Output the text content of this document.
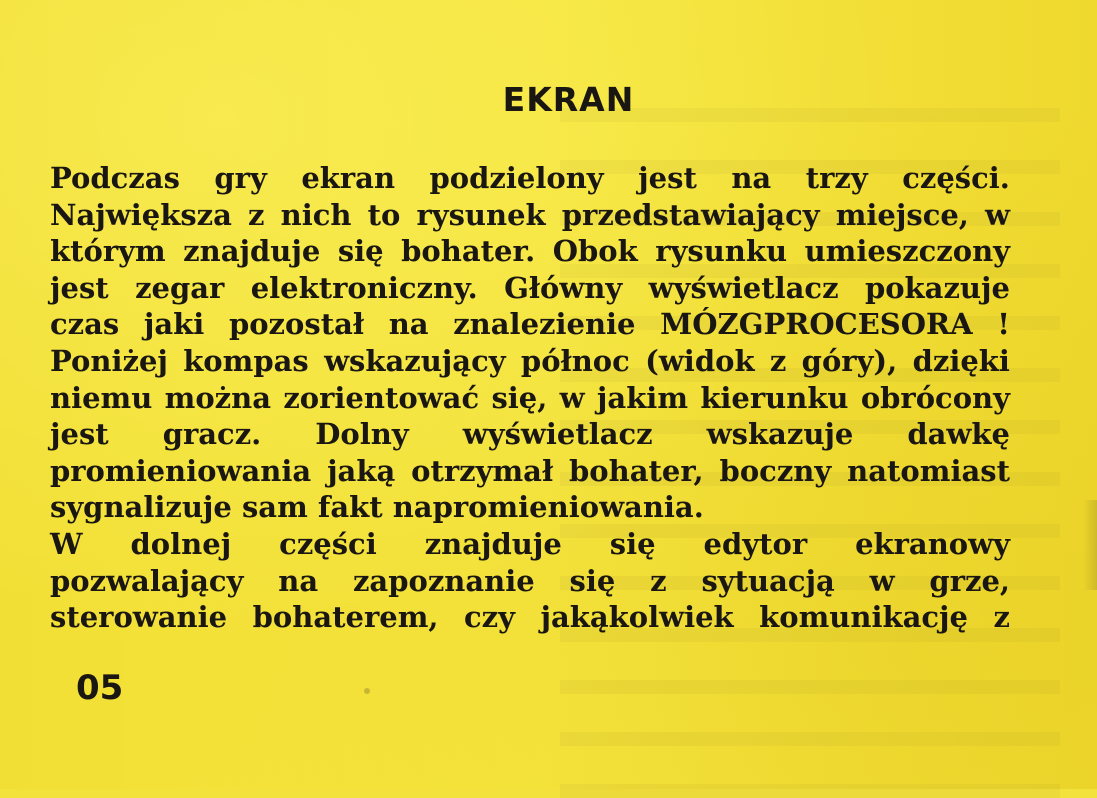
EKRAN
Podczas gry ekran podzielony jest na trzy części.
Największa z nich to rysunek przedstawiający miejsce, w
którym znajduje się bohater. Obok rysunku umieszczony
jest zegar elektroniczny. Główny wyświetlacz pokazuje
czas jaki pozostał na znalezienie MÓZGPROCESORA !
Poniżej kompas wskazujący północ (widok z góry), dzięki
niemu można zorientować się, w jakim kierunku obrócony
jest gracz. Dolny wyświetlacz wskazuje dawkę
promieniowania jaką otrzymał bohater, boczny natomiast
sygnalizuje sam fakt napromieniowania.
W dolnej części znajduje się edytor ekranowy
pozwalający na zapoznanie się z sytuacją w grze,
sterowanie bohaterem, czy jakąkolwiek komunikację z
05
